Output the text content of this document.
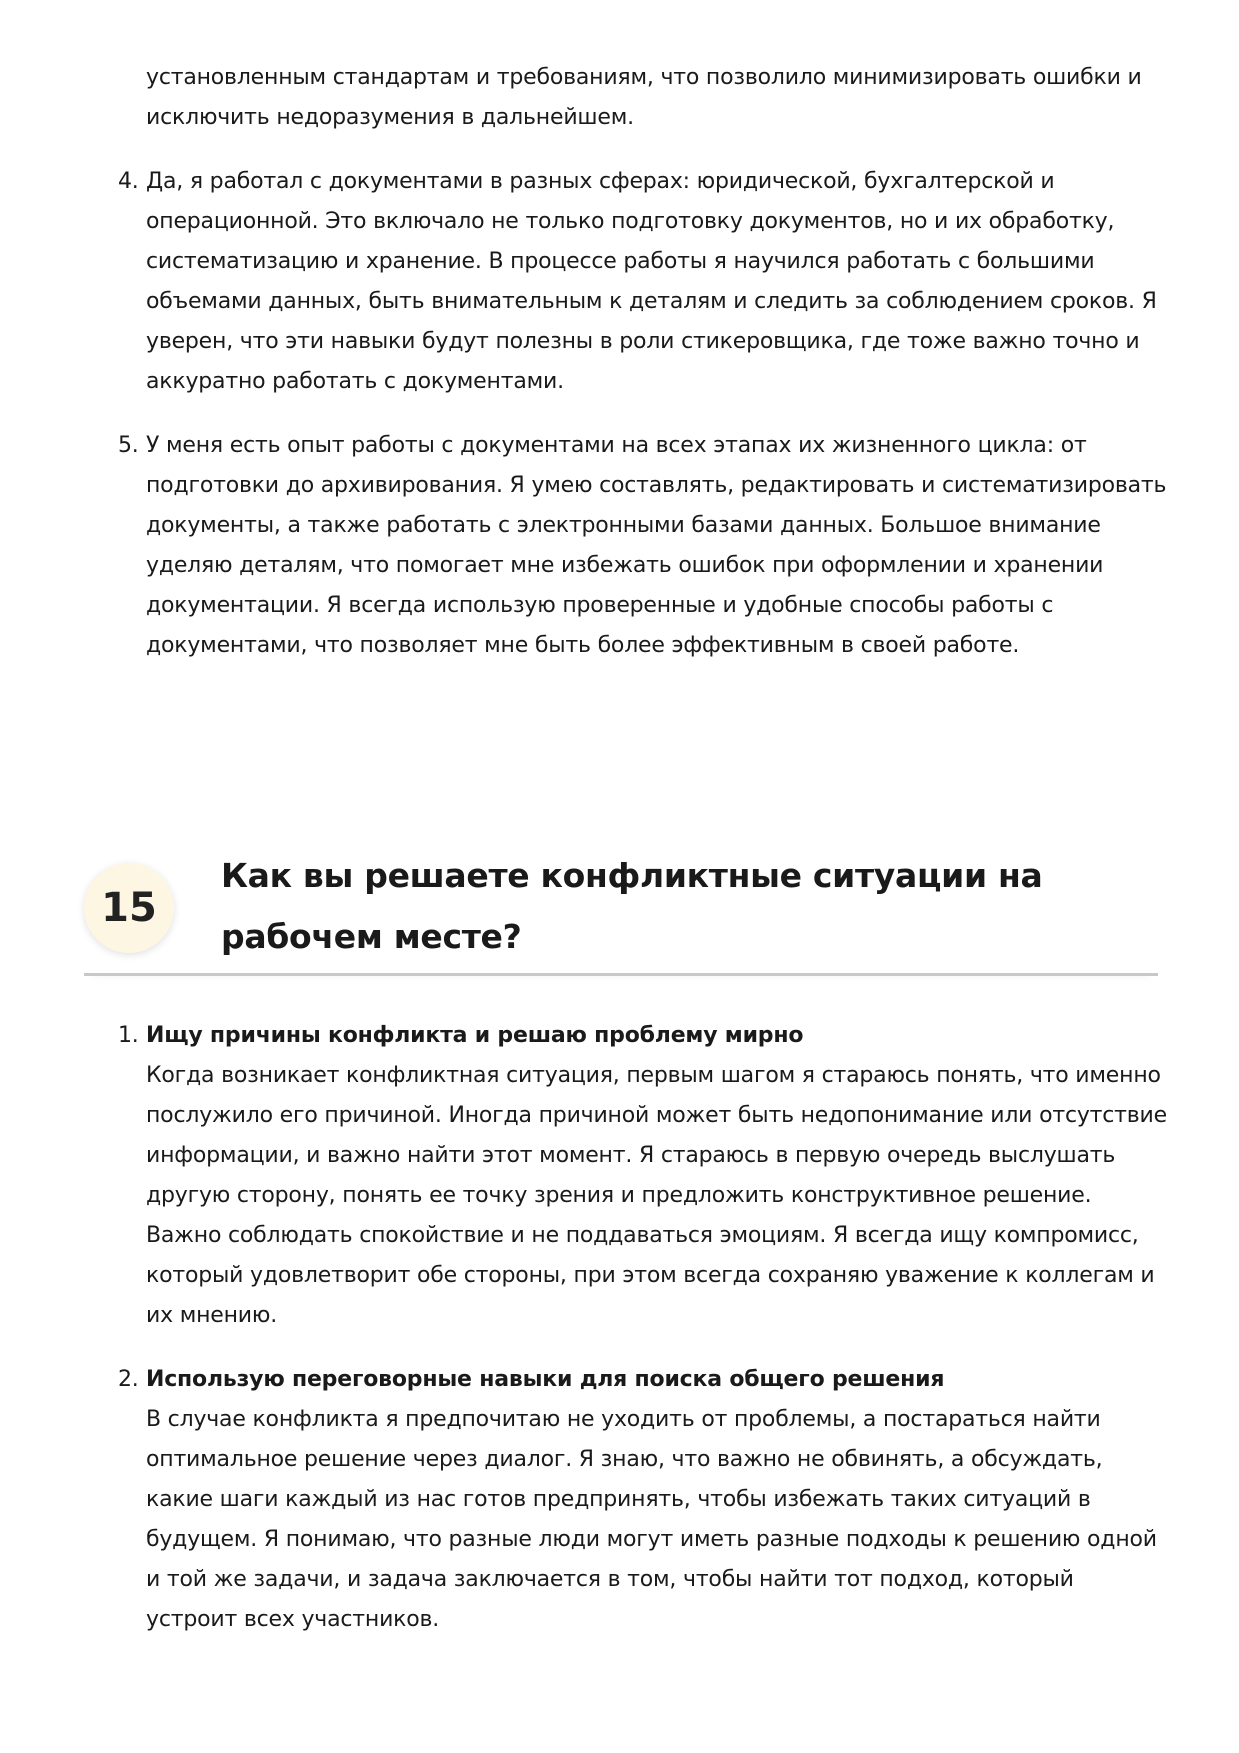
установленным стандартам и требованиям, что позволило минимизировать ошибки и исключить недоразумения в дальнейшем.
4. Да, я работал с документами в разных сферах: юридической, бухгалтерской и операционной. Это включало не только подготовку документов, но и их обработку, систематизацию и хранение. В процессе работы я научился работать с большими объемами данных, быть внимательным к деталям и следить за соблюдением сроков. Я уверен, что эти навыки будут полезны в роли стикеровщика, где тоже важно точно и аккуратно работать с документами.
5. У меня есть опыт работы с документами на всех этапах их жизненного цикла: от подготовки до архивирования. Я умею составлять, редактировать и систематизировать документы, а также работать с электронными базами данных. Большое внимание уделяю деталям, что помогает мне избежать ошибок при оформлении и хранении документации. Я всегда использую проверенные и удобные способы работы с документами, что позволяет мне быть более эффективным в своей работе.
15
Как вы решаете конфликтные ситуации на рабочем месте?
1. Ищу причины конфликта и решаю проблему мирно
Когда возникает конфликтная ситуация, первым шагом я стараюсь понять, что именно послужило его причиной. Иногда причиной может быть недопонимание или отсутствие информации, и важно найти этот момент. Я стараюсь в первую очередь выслушать другую сторону, понять ее точку зрения и предложить конструктивное решение. Важно соблюдать спокойствие и не поддаваться эмоциям. Я всегда ищу компромисс, который удовлетворит обе стороны, при этом всегда сохраняю уважение к коллегам и их мнению.
2. Использую переговорные навыки для поиска общего решения
В случае конфликта я предпочитаю не уходить от проблемы, а постараться найти оптимальное решение через диалог. Я знаю, что важно не обвинять, а обсуждать, какие шаги каждый из нас готов предпринять, чтобы избежать таких ситуаций в будущем. Я понимаю, что разные люди могут иметь разные подходы к решению одной и той же задачи, и задача заключается в том, чтобы найти тот подход, который устроит всех участников.
